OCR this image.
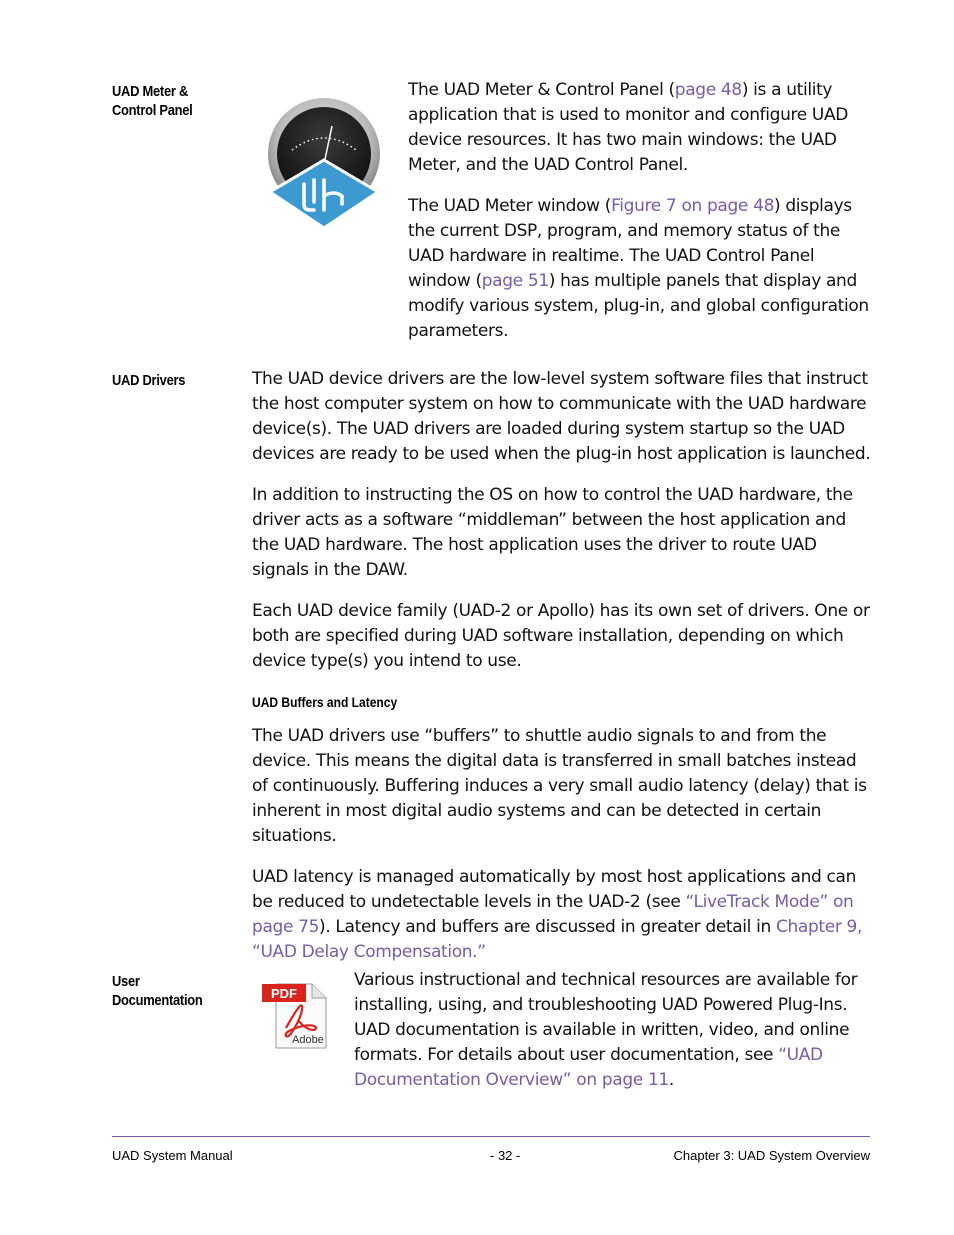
UAD Meter & Control Panel

The UAD Meter & Control Panel (page 48) is a utility application that is used to monitor and configure UAD device resources. It has two main windows: the UAD Meter, and the UAD Control Panel.

The UAD Meter window (Figure 7 on page 48) displays the current DSP, program, and memory status of the UAD hardware in realtime. The UAD Control Panel window (page 51) has multiple panels that display and modify various system, plug-in, and global configuration parameters.

UAD Drivers	The UAD device drivers are the low-level system software files that instruct the host computer system on how to communicate with the UAD hardware device(s). The UAD drivers are loaded during system startup so the UAD devices are ready to be used when the plug-in host application is launched.

In addition to instructing the OS on how to control the UAD hardware, the driver acts as a software “middleman” between the host application and the UAD hardware. The host application uses the driver to route UAD signals in the DAW.

Each UAD device family (UAD-2 or Apollo) has its own set of drivers. One or both are specified during UAD software installation, depending on which device type(s) you intend to use.

UAD Buffers and Latency

The UAD drivers use “buffers” to shuttle audio signals to and from the device. This means the digital data is transferred in small batches instead of continuously. Buffering induces a very small audio latency (delay) that is inherent in most digital audio systems and can be detected in certain situations.

UAD latency is managed automatically by most host applications and can be reduced to undetectable levels in the UAD-2 (see “LiveTrack Mode” on page 75). Latency and buffers are discussed in greater detail in Chapter 9, “UAD Delay Compensation.”

User Documentation	PDF
Adobe

Various instructional and technical resources are available for installing, using, and troubleshooting UAD Powered Plug-Ins. UAD documentation is available in written, video, and online formats. For details about user documentation, see “UAD Documentation Overview” on page 11.

UAD System Manual	- 32 -	Chapter 3: UAD System Overview
